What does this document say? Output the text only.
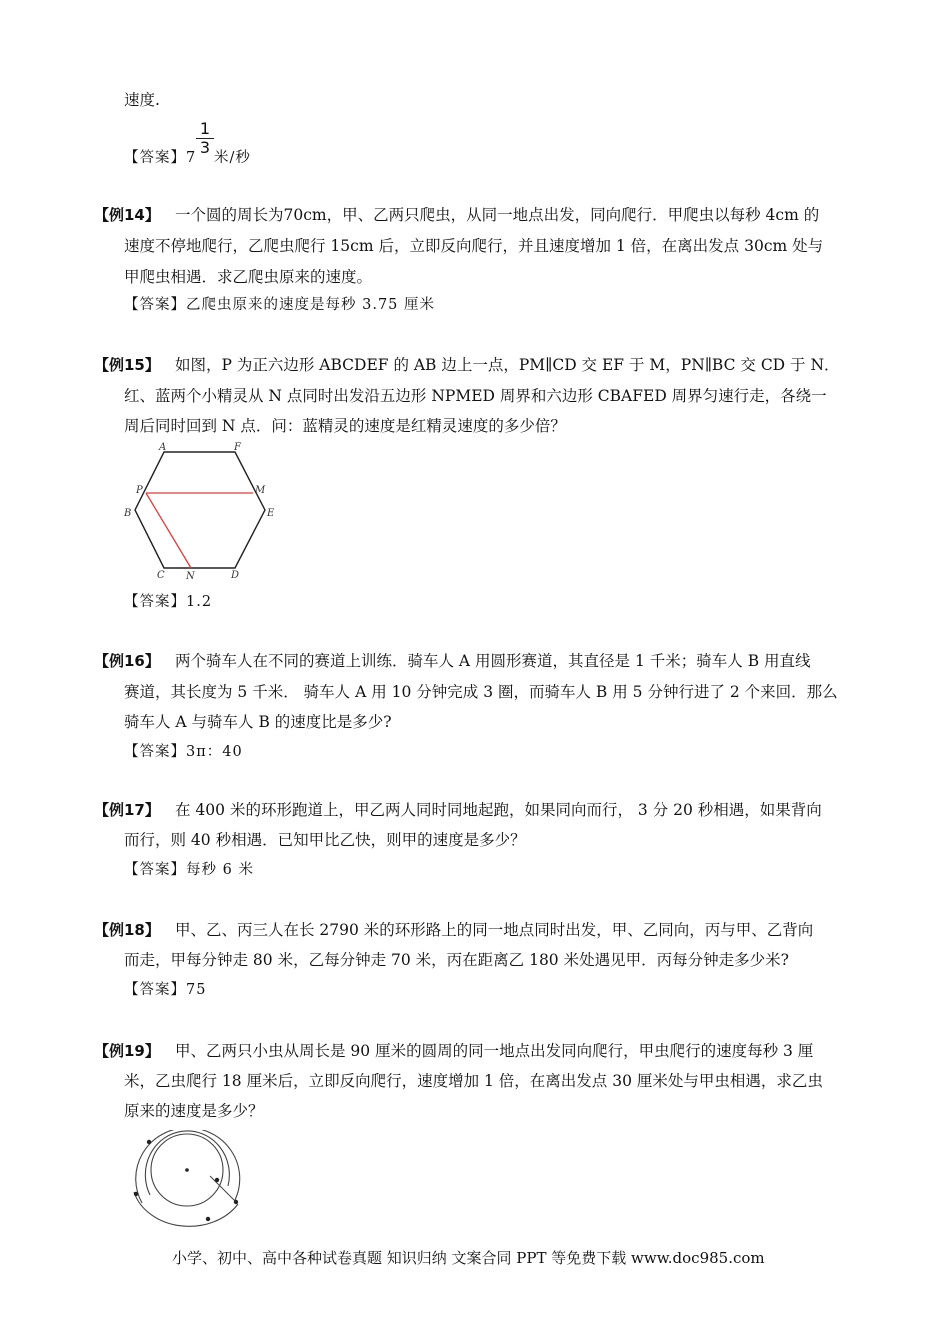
速度.
【答案】7
$\frac{1}{3}$
米/秒
【例14】 一个圆的周长为70cm，甲、乙两只爬虫，从同一地点出发，同向爬行．甲爬虫以每秒 4cm 的
速度不停地爬行，乙爬虫爬行 15cm 后，立即反向爬行，并且速度增加 1 倍，在离出发点 30cm 处与
甲爬虫相遇．求乙爬虫原来的速度。
【答案】乙爬虫原来的速度是每秒 3.75 厘米
【例15】 如图，P 为正六边形 ABCDEF 的 AB 边上一点，PM∥CD 交 EF 于 M，PN∥BC 交 CD 于 N．
红、蓝两个小精灵从 N 点同时出发沿五边形 NPMED 周界和六边形 CBAFED 周界匀速行走，各绕一
周后同时回到 N 点．问：蓝精灵的速度是红精灵速度的多少倍？
A	F
P	M
B	E
C N	D
【答案】1.2
【例16】 两个骑车人在不同的赛道上训练．骑车人 A 用圆形赛道，其直径是 1 千米；骑车人 B 用直线
赛道，其长度为 5 千米． 骑车人 A 用 10 分钟完成 3 圈，而骑车人 B 用 5 分钟行进了 2 个来回．那么
骑车人 A 与骑车人 B 的速度比是多少?
【答案】3π：40
【例17】 在 400 米的环形跑道上，甲乙两人同时同地起跑，如果同向而行， 3 分 20 秒相遇，如果背向
而行，则 40 秒相遇．已知甲比乙快，则甲的速度是多少？
【答案】每秒 6 米
【例18】 甲、乙、丙三人在长 2790 米的环形路上的同一地点同时出发，甲、乙同向，丙与甲、乙背向
而走，甲每分钟走 80 米，乙每分钟走 70 米，丙在距离乙 180 米处遇见甲．丙每分钟走多少米?
【答案】75
【例19】 甲、乙两只小虫从周长是 90 厘米的圆周的同一地点出发同向爬行，甲虫爬行的速度每秒 3 厘
米，乙虫爬行 18 厘米后，立即反向爬行，速度增加 1 倍，在离出发点 30 厘米处与甲虫相遇，求乙虫
原来的速度是多少？
小学、初中、高中各种试卷真题 知识归纳 文案合同 PPT 等免费下载 www.doc985.com
